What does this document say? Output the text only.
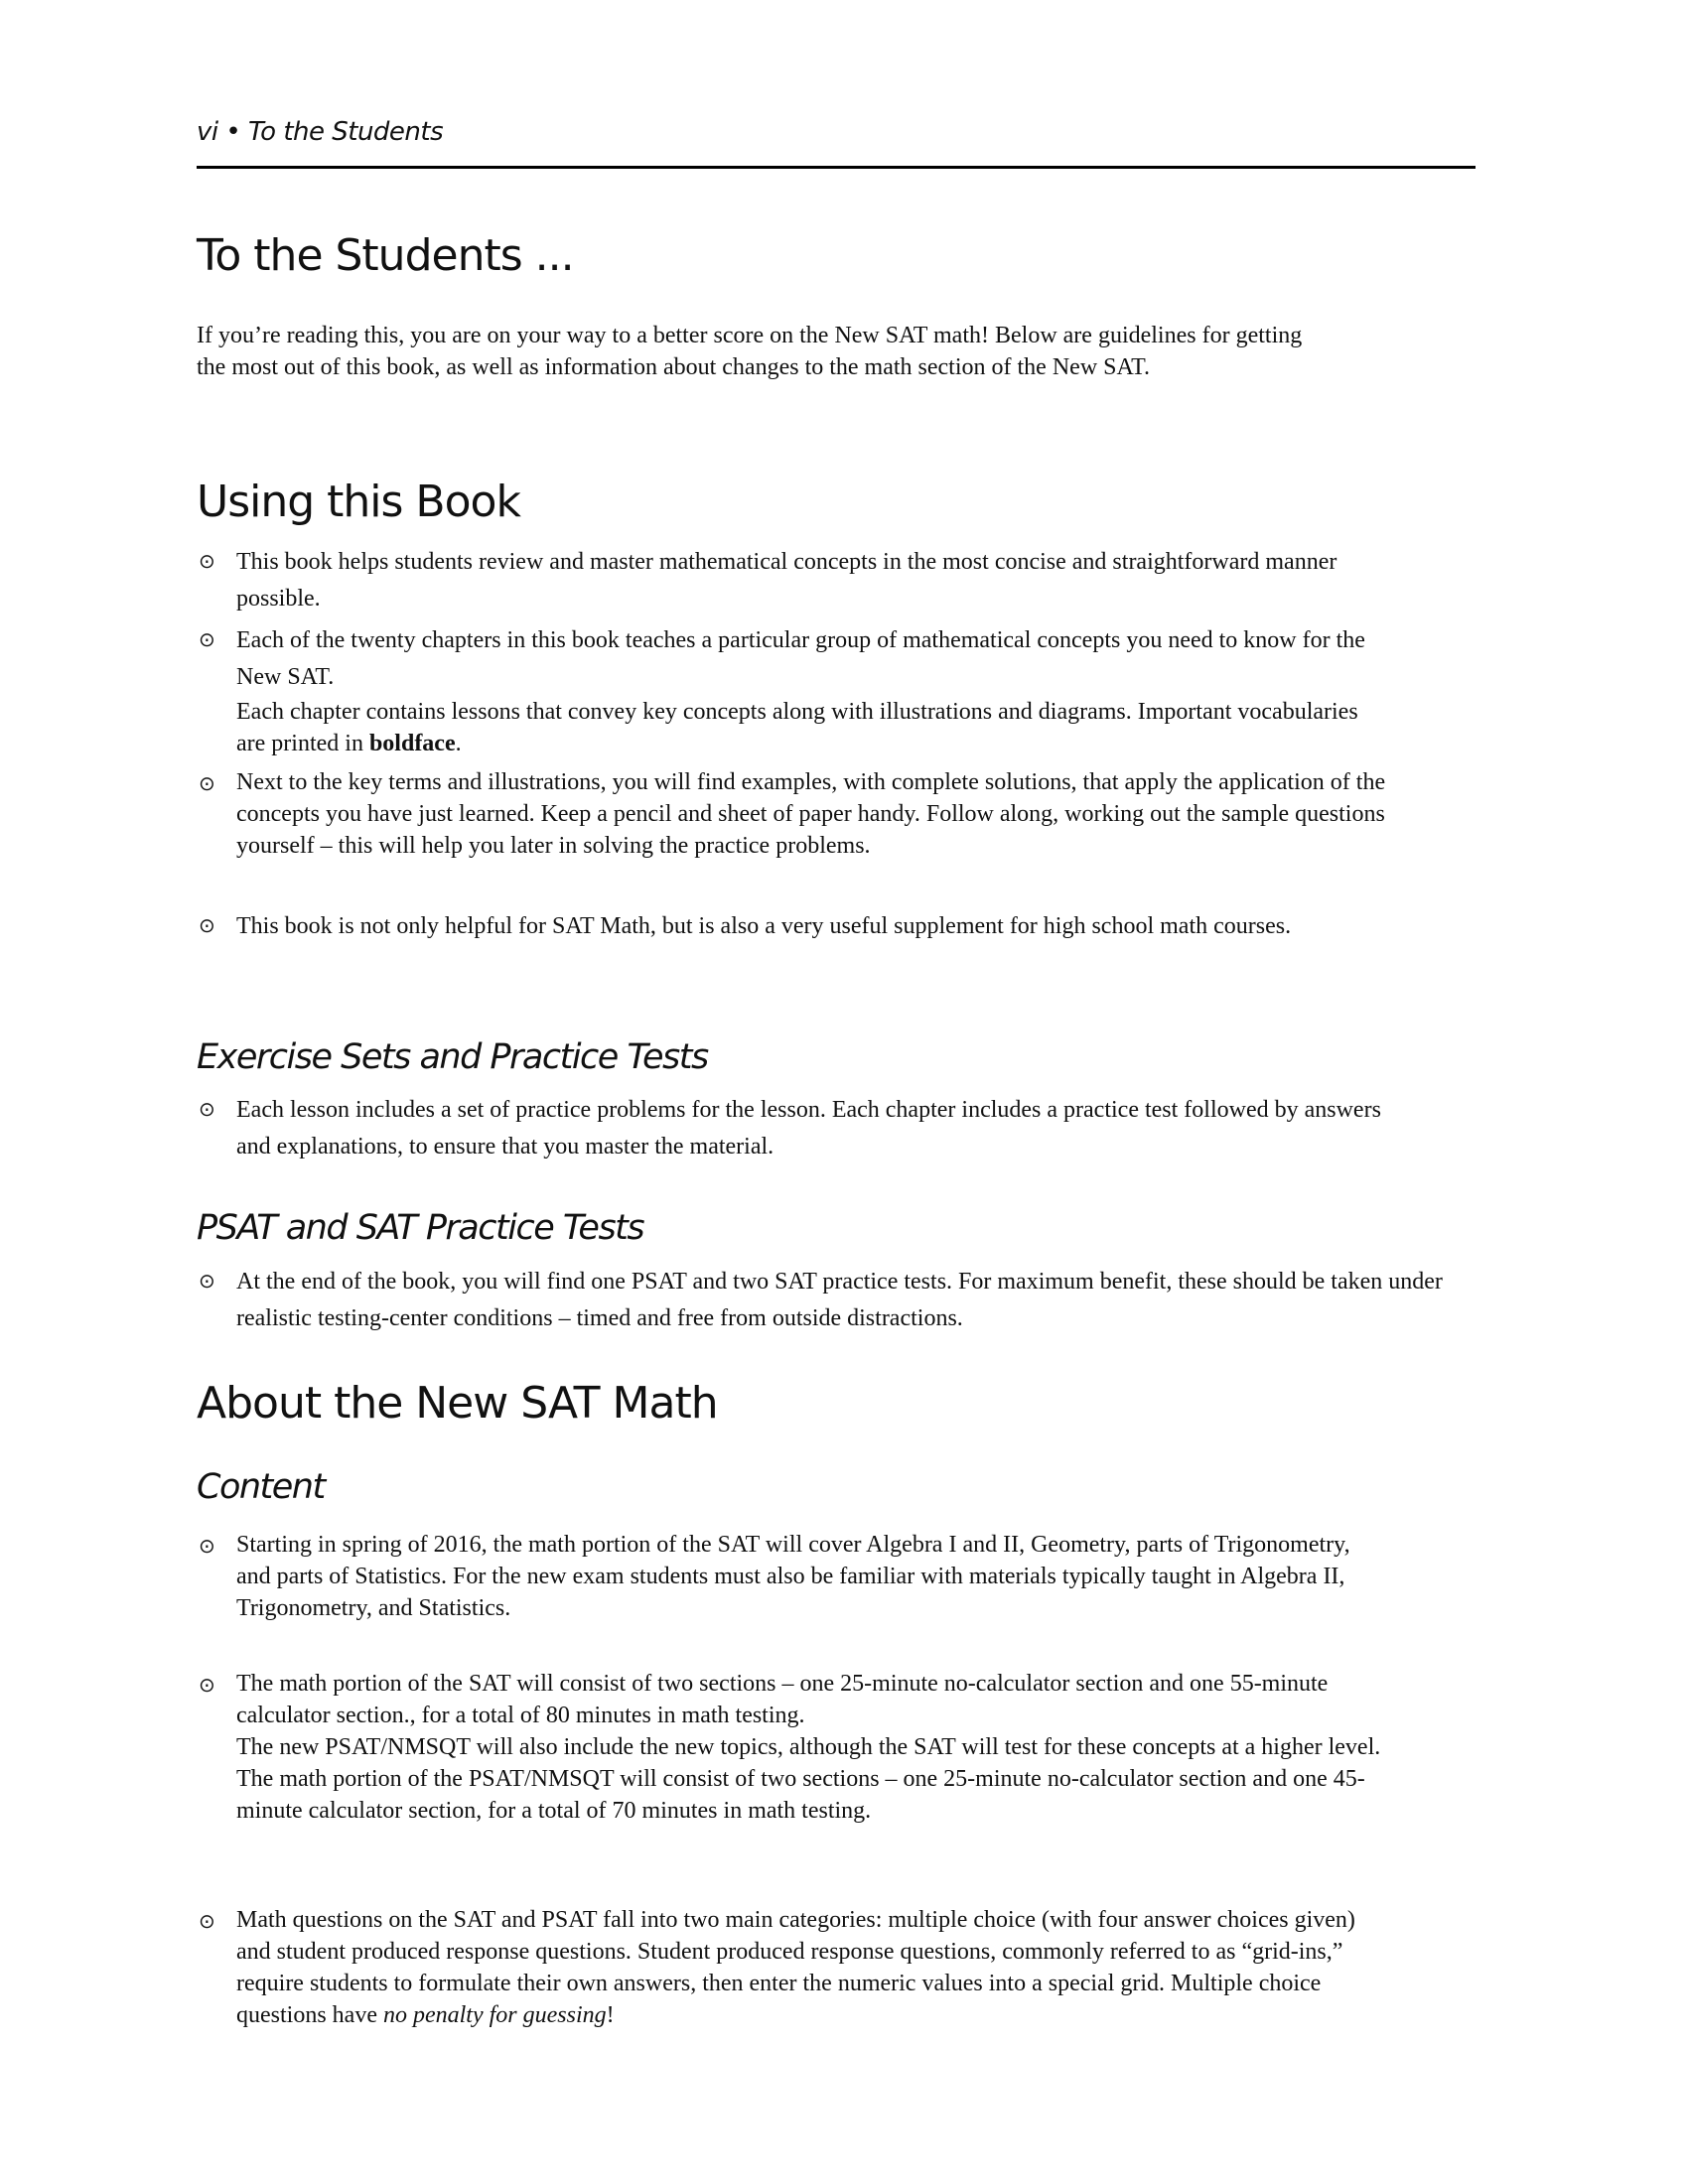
vi • To the Students
To the Students ...
If you’re reading this, you are on your way to a better score on the New SAT math! Below are guidelines for getting the most out of this book, as well as information about changes to the math section of the New SAT.
Using this Book
⊙ This book helps students review and master mathematical concepts in the most concise and straightforward manner possible.
⊙ Each of the twenty chapters in this book teaches a particular group of mathematical concepts you need to know for the New SAT.
Each chapter contains lessons that convey key concepts along with illustrations and diagrams. Important vocabularies are printed in boldface.
⊙ Next to the key terms and illustrations, you will find examples, with complete solutions, that apply the application of the concepts you have just learned. Keep a pencil and sheet of paper handy. Follow along, working out the sample questions yourself – this will help you later in solving the practice problems.
⊙ This book is not only helpful for SAT Math, but is also a very useful supplement for high school math courses.
Exercise Sets and Practice Tests
⊙ Each lesson includes a set of practice problems for the lesson. Each chapter includes a practice test followed by answers and explanations, to ensure that you master the material.
PSAT and SAT Practice Tests
⊙ At the end of the book, you will find one PSAT and two SAT practice tests. For maximum benefit, these should be taken under realistic testing-center conditions – timed and free from outside distractions.
About the New SAT Math
Content
⊙ Starting in spring of 2016, the math portion of the SAT will cover Algebra I and II, Geometry, parts of Trigonometry, and parts of Statistics. For the new exam students must also be familiar with materials typically taught in Algebra II, Trigonometry, and Statistics.
⊙ The math portion of the SAT will consist of two sections – one 25-minute no-calculator section and one 55-minute calculator section., for a total of 80 minutes in math testing.
The new PSAT/NMSQT will also include the new topics, although the SAT will test for these concepts at a higher level. The math portion of the PSAT/NMSQT will consist of two sections – one 25-minute no-calculator section and one 45-minute calculator section, for a total of 70 minutes in math testing.
⊙ Math questions on the SAT and PSAT fall into two main categories: multiple choice (with four answer choices given) and student produced response questions. Student produced response questions, commonly referred to as “grid-ins,” require students to formulate their own answers, then enter the numeric values into a special grid. Multiple choice questions have no penalty for guessing!
